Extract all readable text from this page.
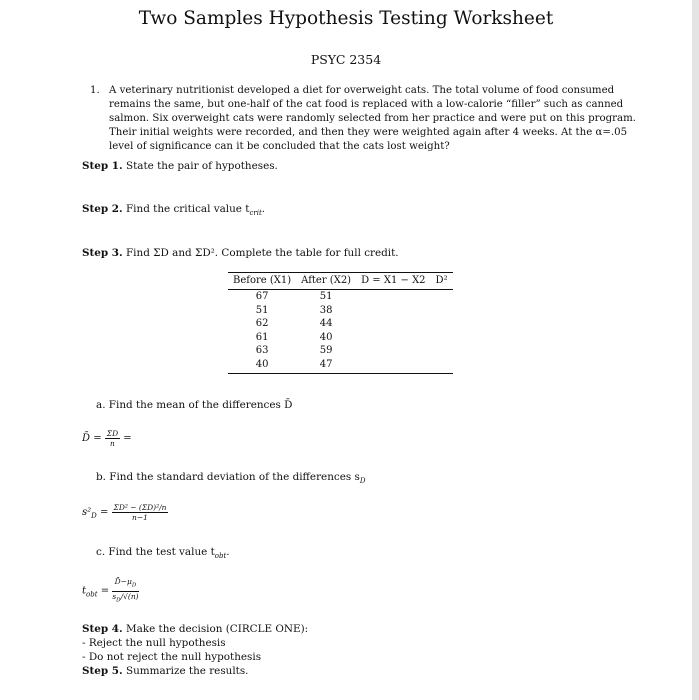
Two Samples Hypothesis Testing Worksheet
PSYC 2354
1. A veterinary nutritionist developed a diet for overweight cats. The total volume of food consumed
remains the same, but one-half of the cat food is replaced with a low-calorie “filler” such as canned
salmon. Six overweight cats were randomly selected from her practice and were put on this program.
Their initial weights were recorded, and then they were weighted again after 4 weeks. At the α=.05
level of significance can it be concluded that the cats lost weight?
Step 1. State the pair of hypotheses.
Step 2. Find the critical value $t_{crit}$.
Step 3. Find ΣD and ΣD². Complete the table for full credit.
Before (X1)	After (X2)	D = X1 − X2	D²
67	51		
51	38		
62	44		
61	40		
63	59		
40	47		
a. Find the mean of the differences D̄
D̄ = $\frac{\Sigma D}{n}$ =
b. Find the standard deviation of the differences $s_D$
$s^2_D = \frac{\text{ΣD² − (ΣD)²/n}}{n-1}$
c. Find the test value $t_{obt}$.
$t_{obt} = \frac{D̄-\mu_D}{s_D/√(n)}$
Step 4. Make the decision (CIRCLE ONE):
- Reject the null hypothesis
- Do not reject the null hypothesis
Step 5. Summarize the results.
